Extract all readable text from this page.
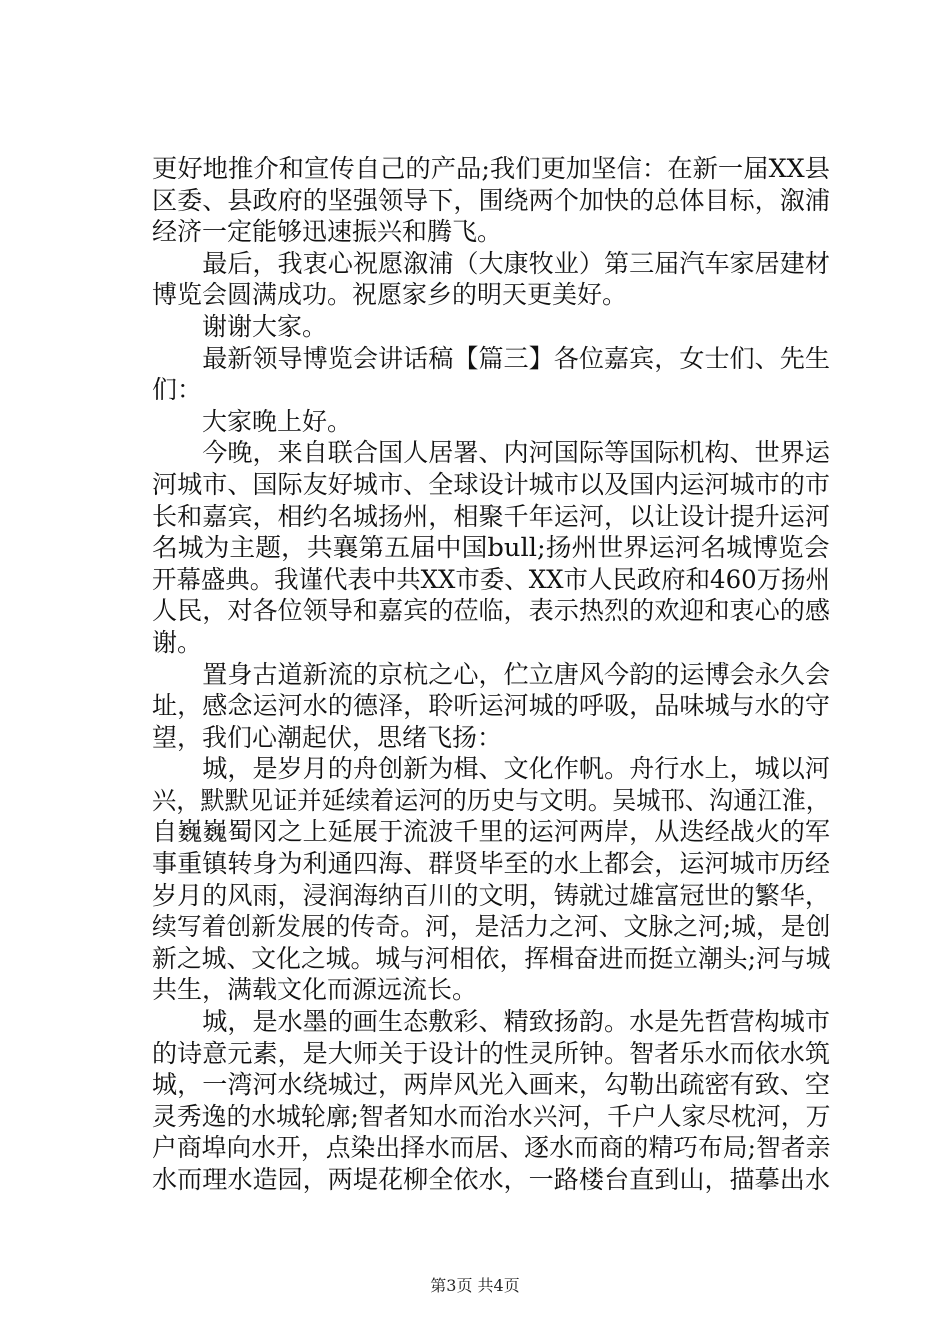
更好地推介和宣传自己的产品;我们更加坚信：在新一届XX县
区委、县政府的坚强领导下，围绕两个加快的总体目标，溆浦
经济一定能够迅速振兴和腾飞。
　　最后，我衷心祝愿溆浦（大康牧业）第三届汽车家居建材
博览会圆满成功。祝愿家乡的明天更美好。
　　谢谢大家。
　　最新领导博览会讲话稿【篇三】各位嘉宾，女士们、先生
们：
　　大家晚上好。
　　今晚，来自联合国人居署、内河国际等国际机构、世界运
河城市、国际友好城市、全球设计城市以及国内运河城市的市
长和嘉宾，相约名城扬州，相聚千年运河，以让设计提升运河
名城为主题，共襄第五届中国bull;扬州世界运河名城博览会
开幕盛典。我谨代表中共XX市委、XX市人民政府和460万扬州
人民，对各位领导和嘉宾的莅临，表示热烈的欢迎和衷心的感
谢。
　　置身古道新流的京杭之心，伫立唐风今韵的运博会永久会
址，感念运河水的德泽，聆听运河城的呼吸，品味城与水的守
望，我们心潮起伏，思绪飞扬：
　　城，是岁月的舟创新为楫、文化作帆。舟行水上，城以河
兴，默默见证并延续着运河的历史与文明。吴城邗、沟通江淮，
自巍巍蜀冈之上延展于流波千里的运河两岸，从迭经战火的军
事重镇转身为利通四海、群贤毕至的水上都会，运河城市历经
岁月的风雨，浸润海纳百川的文明，铸就过雄富冠世的繁华，
续写着创新发展的传奇。河，是活力之河、文脉之河;城，是创
新之城、文化之城。城与河相依，挥楫奋进而挺立潮头;河与城
共生，满载文化而源远流长。
　　城，是水墨的画生态敷彩、精致扬韵。水是先哲营构城市
的诗意元素，是大师关于设计的性灵所钟。智者乐水而依水筑
城，一湾河水绕城过，两岸风光入画来，勾勒出疏密有致、空
灵秀逸的水城轮廓;智者知水而治水兴河，千户人家尽枕河，万
户商埠向水开，点染出择水而居、逐水而商的精巧布局;智者亲
水而理水造园，两堤花柳全依水，一路楼台直到山，描摹出水
第3页 共4页
